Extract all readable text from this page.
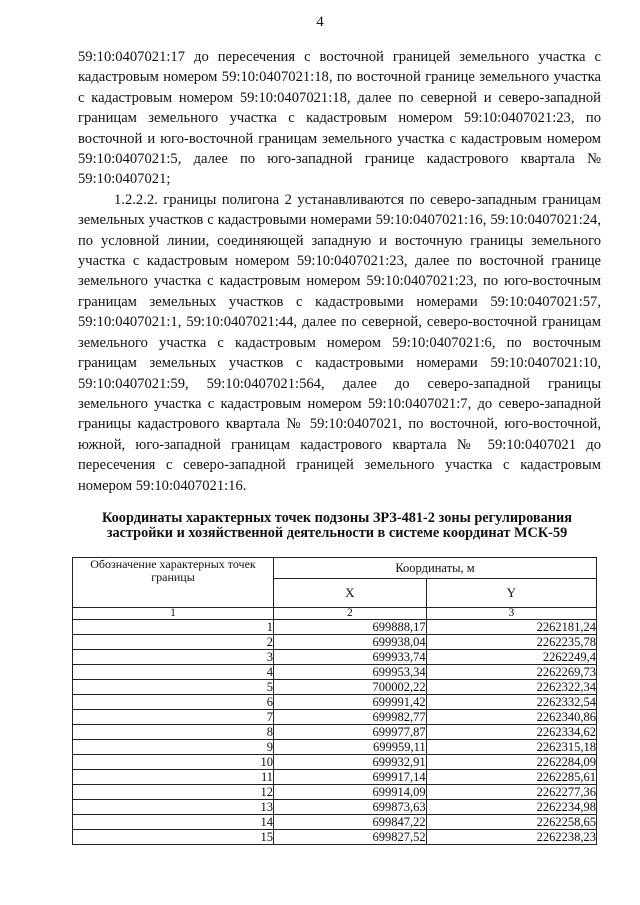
4

59:10:0407021:17 до пересечения с восточной границей земельного участка с кадастровым номером 59:10:0407021:18, по восточной границе земельного участка с кадастровым номером 59:10:0407021:18, далее по северной и северо-западной границам земельного участка с кадастровым номером 59:10:0407021:23, по восточной и юго-восточной границам земельного участка с кадастровым номером 59:10:0407021:5, далее по юго-западной границе кадастрового квартала № 59:10:0407021;

1.2.2.2. границы полигона 2 устанавливаются по северо-западным границам земельных участков с кадастровыми номерами 59:10:0407021:16, 59:10:0407021:24, по условной линии, соединяющей западную и восточную границы земельного участка с кадастровым номером 59:10:0407021:23, далее по восточной границе земельного участка с кадастровым номером 59:10:0407021:23, по юго-восточным границам земельных участков с кадастровыми номерами 59:10:0407021:57, 59:10:0407021:1, 59:10:0407021:44, далее по северной, северо-восточной границам земельного участка с кадастровым номером 59:10:0407021:6, по восточным границам земельных участков с кадастровыми номерами 59:10:0407021:10, 59:10:0407021:59, 59:10:0407021:564, далее до северо-западной границы земельного участка с кадастровым номером 59:10:0407021:7, до северо-западной границы кадастрового квартала № 59:10:0407021, по восточной, юго-восточной, южной, юго-западной границам кадастрового квартала № 59:10:0407021 до пересечения с северо-западной границей земельного участка с кадастровым номером 59:10:0407021:16.

Координаты характерных точек подзоны ЗРЗ-481-2 зоны регулирования
застройки и хозяйственной деятельности в системе координат МСК-59
Обозначение характерных точек границы	Координаты, м	
	X	Y
1	2	3
1	699888,17	2262181,24
2	699938,04	2262235,78
3	699933,74	2262249,4
4	699953,34	2262269,73
5	700002,22	2262322,34
6	699991,42	2262332,54
7	699982,77	2262340,86
8	699977,87	2262334,62
9	699959,11	2262315,18
10	699932,91	2262284,09
11	699917,14	2262285,61
12	699914,09	2262277,36
13	699873,63	2262234,98
14	699847,22	2262258,65
15	699827,52	2262238,23
